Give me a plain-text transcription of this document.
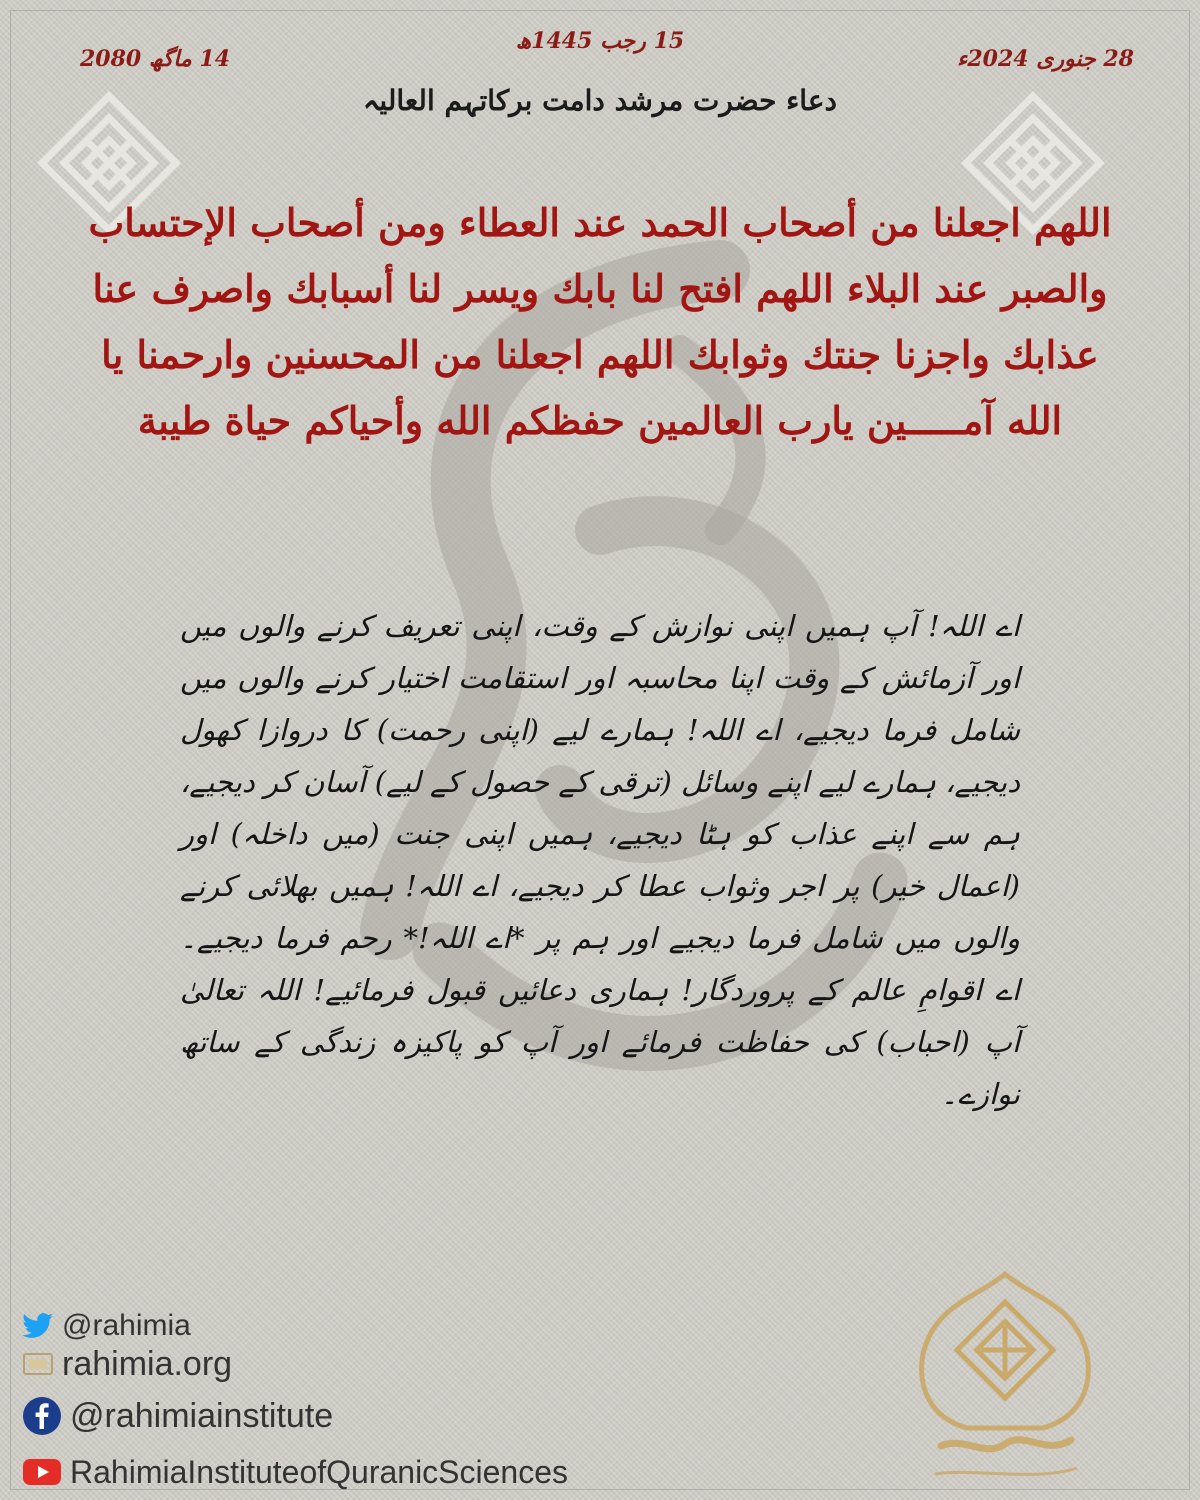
15 رجب 1445ھ
28 جنوری 2024ء
14 ماگھ 2080
دعاء حضرت مرشد دامت برکاتہم العالیہ
اللهم اجعلنا من أصحاب الحمد عند العطاء ومن أصحاب الإحتساب والصبر عند البلاء اللهم افتح لنا بابك ويسر لنا أسبابك واصرف عنا عذابك واجزنا جنتك وثوابك اللهم اجعلنا من المحسنين وارحمنا يا الله آمـــــين يارب العالمين حفظكم الله وأحياكم حياة طيبة
اے اللہ! آپ ہمیں اپنی نوازش کے وقت، اپنی تعریف کرنے والوں میں اور آزمائش کے وقت اپنا محاسبہ اور استقامت اختیار کرنے والوں میں شامل فرما دیجیے، اے اللہ! ہمارے لیے (اپنی رحمت) کا دروازا کھول دیجیے، ہمارے لیے اپنے وسائل (ترقی کے حصول کے لیے) آسان کر دیجیے، ہم سے اپنے عذاب کو ہٹا دیجیے، ہمیں اپنی جنت (میں داخلہ) اور (اعمال خیر) پر اجر وثواب عطا کر دیجیے، اے اللہ! ہمیں بھلائی کرنے والوں میں شامل فرما دیجیے اور ہم پر *اے اللہ!* رحم فرما دیجیے۔ اے اقوامِ عالم کے پروردگار! ہماری دعائیں قبول فرمائیے! اللہ تعالیٰ آپ (احباب) کی حفاظت فرمائے اور آپ کو پاکیزہ زندگی کے ساتھ نوازے۔
@rahimia
rahimia.org
@rahimiainstitute
RahimiaInstituteofQuranicSciences
